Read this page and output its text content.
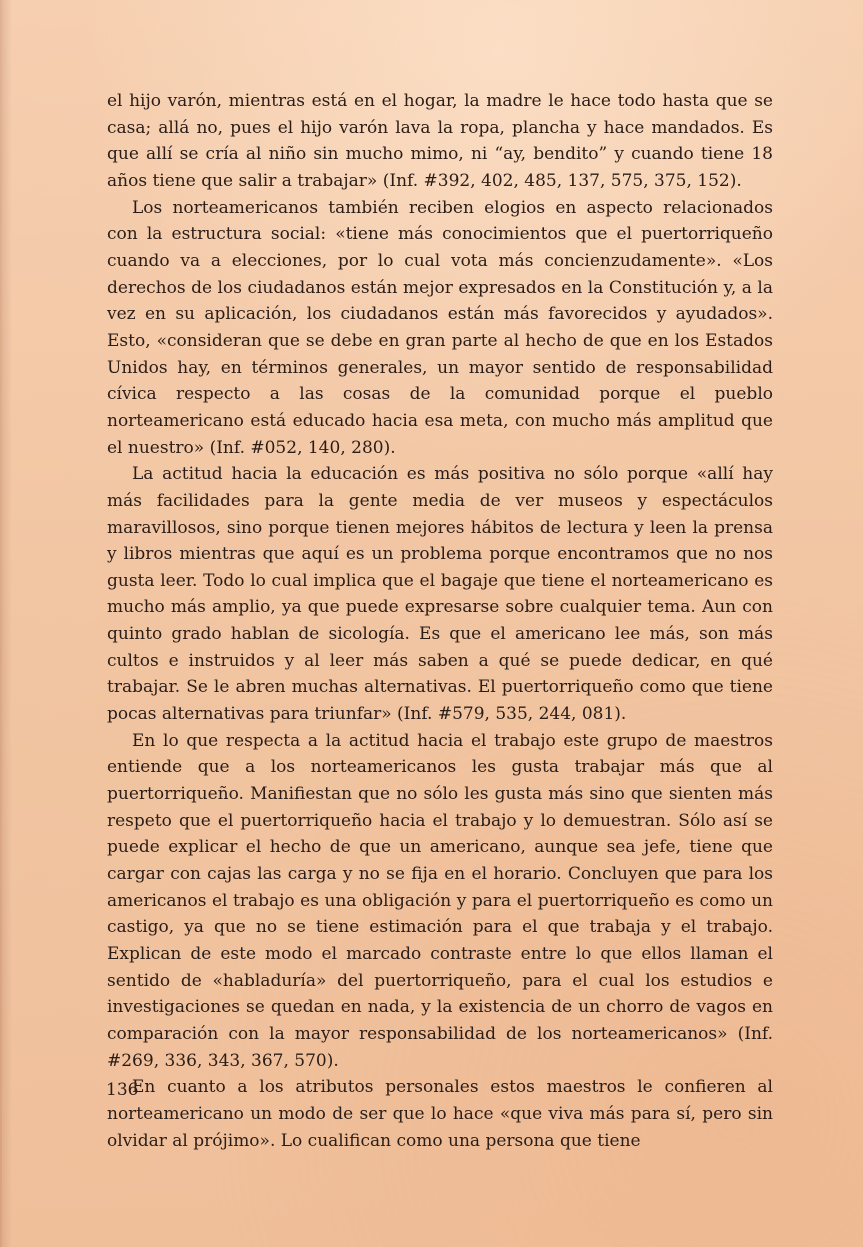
el hijo varón, mientras está en el hogar, la madre le hace todo hasta que se casa; allá no, pues el hijo varón lava la ropa, plancha y hace mandados. Es que allí se cría al niño sin mucho mimo, ni “ay, bendito” y cuando tiene 18 años tiene que salir a trabajar» (Inf. #392, 402, 485, 137, 575, 375, 152).

Los norteamericanos también reciben elogios en aspecto relacionados con la estructura social: «tiene más conocimientos que el puertorriqueño cuando va a elecciones, por lo cual vota más concienzudamente». «Los derechos de los ciudadanos están mejor expresados en la Constitución y, a la vez en su aplicación, los ciudadanos están más favorecidos y ayudados». Esto, «consideran que se debe en gran parte al hecho de que en los Estados Unidos hay, en términos generales, un mayor sentido de responsabilidad cívica respecto a las cosas de la comunidad porque el pueblo norteamericano está educado hacia esa meta, con mucho más amplitud que el nuestro» (Inf. #052, 140, 280).

La actitud hacia la educación es más positiva no sólo porque «allí hay más facilidades para la gente media de ver museos y espectáculos maravillosos, sino porque tienen mejores hábitos de lectura y leen la prensa y libros mientras que aquí es un problema porque encontramos que no nos gusta leer. Todo lo cual implica que el bagaje que tiene el norteamericano es mucho más amplio, ya que puede expresarse sobre cualquier tema. Aun con quinto grado hablan de sicología. Es que el americano lee más, son más cultos e instruidos y al leer más saben a qué se puede dedicar, en qué trabajar. Se le abren muchas alternativas. El puertorriqueño como que tiene pocas alternativas para triunfar» (Inf. #579, 535, 244, 081).

En lo que respecta a la actitud hacia el trabajo este grupo de maestros entiende que a los norteamericanos les gusta trabajar más que al puertorriqueño. Manifiestan que no sólo les gusta más sino que sienten más respeto que el puertorriqueño hacia el trabajo y lo demuestran. Sólo así se puede explicar el hecho de que un americano, aunque sea jefe, tiene que cargar con cajas las carga y no se fija en el horario. Concluyen que para los americanos el trabajo es una obligación y para el puertorriqueño es como un castigo, ya que no se tiene estimación para el que trabaja y el trabajo. Explican de este modo el marcado contraste entre lo que ellos llaman el sentido de «habladuría» del puertorriqueño, para el cual los estudios e investigaciones se quedan en nada, y la existencia de un chorro de vagos en comparación con la mayor responsabilidad de los norteamericanos» (Inf. #269, 336, 343, 367, 570).

En cuanto a los atributos personales estos maestros le confieren al norteamericano un modo de ser que lo hace «que viva más para sí, pero sin olvidar al prójimo». Lo cualifican como una persona que tiene

136
